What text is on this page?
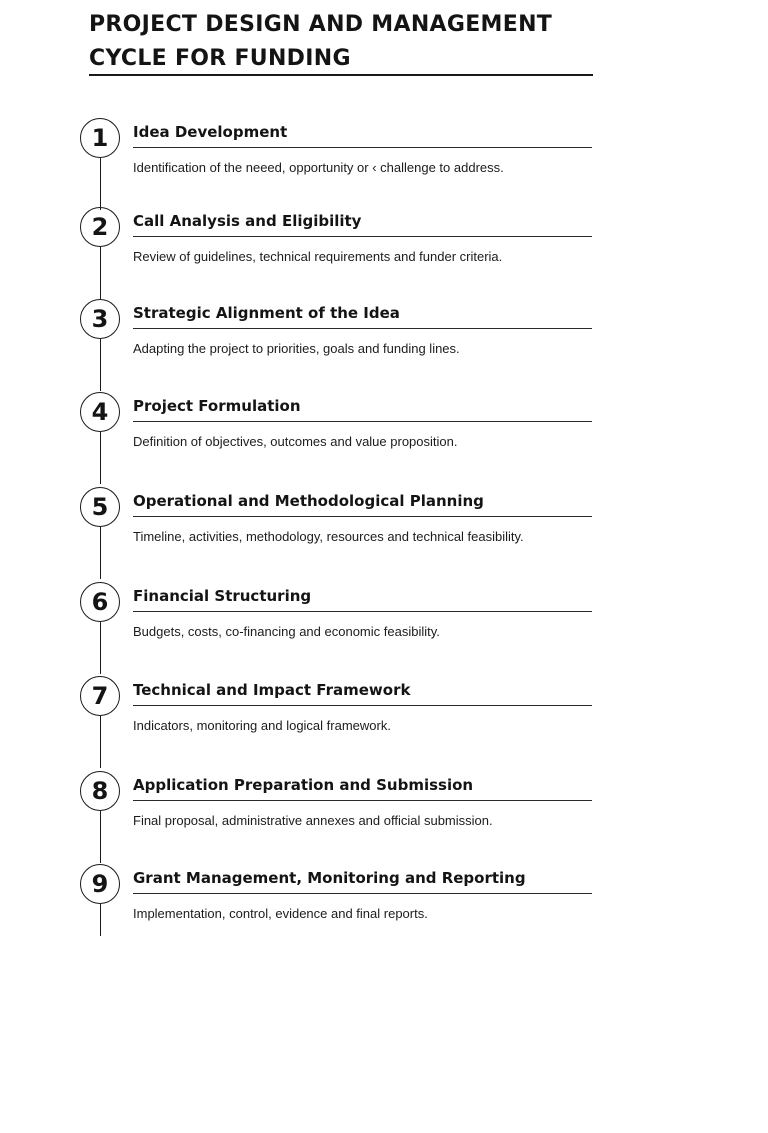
PROJECT DESIGN AND MANAGEMENT CYCLE FOR FUNDING
1	Idea Development

Identification of the neeed, opportunity or ‹ challenge to address.

2	Call Analysis and Eligibility

Review of guidelines, technical requirements and funder criteria.

3	Strategic Alignment of the Idea

Adapting the project to priorities, goals and funding lines.

4	Project Formulation

Definition of objectives, outcomes and value proposition.

5	Operational and Methodological Planning

Timeline, activities, methodology, resources and technical feasibility.

6	Financial Structuring

Budgets, costs, co-financing and economic feasibility.

7	Technical and Impact Framework

Indicators, monitoring and logical framework.

8	Application Preparation and Submission

Final proposal, administrative annexes and official submission.

9	Grant Management, Monitoring and Reporting

Implementation, control, evidence and final reports.
